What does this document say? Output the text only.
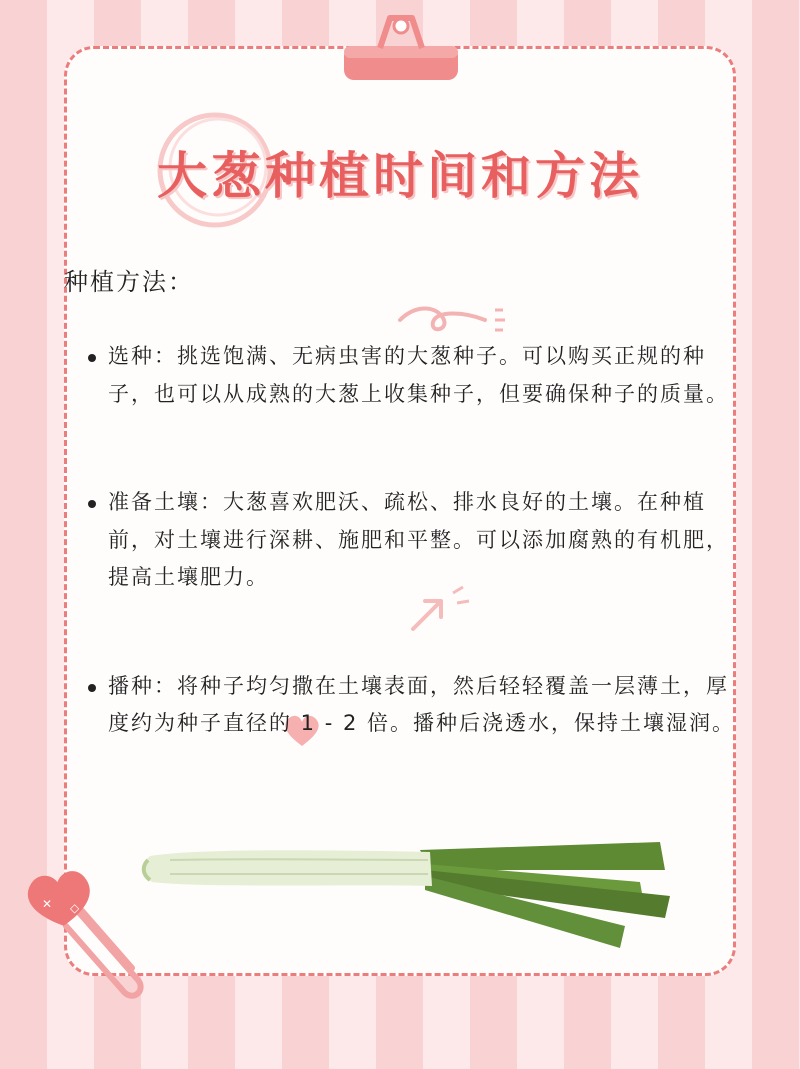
大葱种植时间和方法
种植方法：
选种：挑选饱满、无病虫害的大葱种子。可以购买正规的种子，也可以从成熟的大葱上收集种子，但要确保种子的质量。
准备土壤：大葱喜欢肥沃、疏松、排水良好的土壤。在种植前，对土壤进行深耕、施肥和平整。可以添加腐熟的有机肥，提高土壤肥力。
播种：将种子均匀撒在土壤表面，然后轻轻覆盖一层薄土，厚度约为种子直径的 1 - 2 倍。播种后浇透水，保持土壤湿润。
✕ ◇
